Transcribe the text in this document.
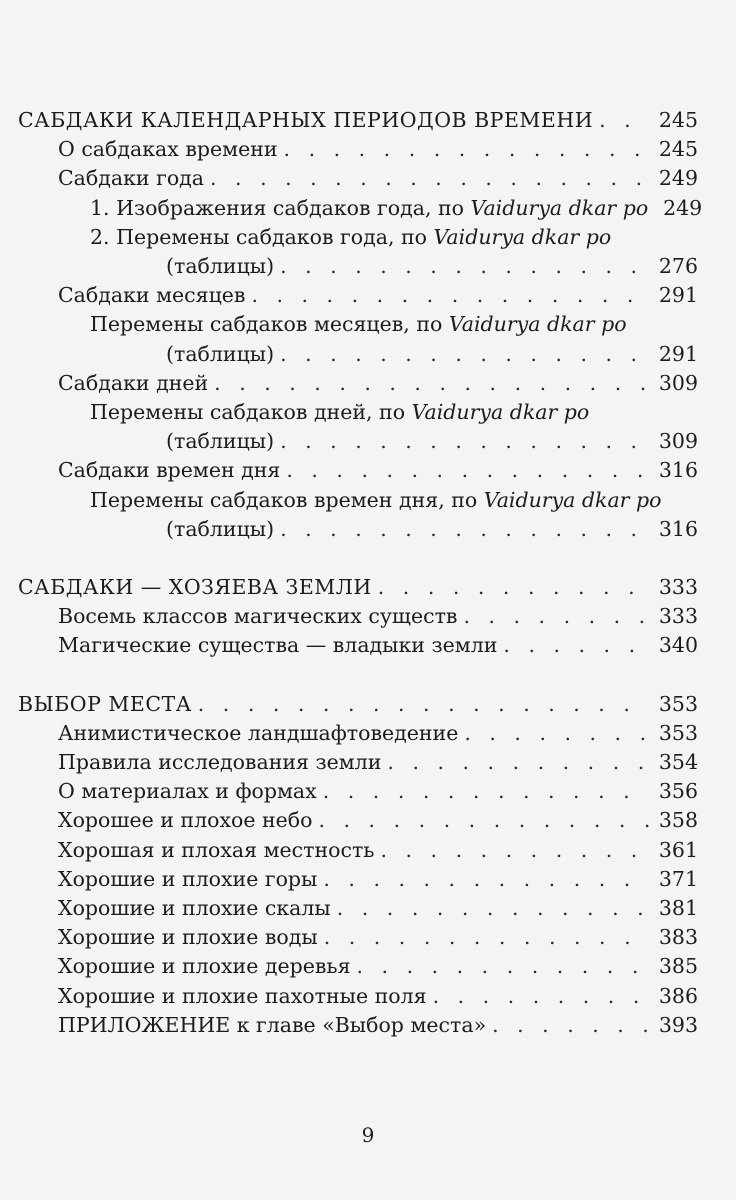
САБДАКИ КАЛЕНДАРНЫХ ПЕРИОДОВ ВРЕМЕНИ . . .	245
О сабдаках времени . . .	245
Сабдаки года . . .	249
1. Изображения сабдаков года, по Vaidurya dkar po 249
2. Перемены сабдаков года, по Vaidurya dkar po
(таблицы) . . .	276
Сабдаки месяцев . . .	291
Перемены сабдаков месяцев, по Vaidurya dkar po
(таблицы) . . .	291
Сабдаки дней . . .	309
Перемены сабдаков дней, по Vaidurya dkar po
(таблицы) . . .	309
Сабдаки времен дня . . .	316
Перемены сабдаков времен дня, по Vaidurya dkar po
(таблицы) . . .	316
САБДАКИ — ХОЗЯЕВА ЗЕМЛИ . . .	333
Восемь классов магических существ . . .	333
Магические существа — владыки земли . . .	340
ВЫБОР МЕСТА . . .	353
Анимистическое ландшафтоведение . . .	353
Правила исследования земли . . .	354
О материалах и формах . . .	356
Хорошее и плохое небо . . .	358
Хорошая и плохая местность . . .	361
Хорошие и плохие горы . . .	371
Хорошие и плохие скалы . . .	381
Хорошие и плохие воды . . .	383
Хорошие и плохие деревья . . .	385
Хорошие и плохие пахотные поля . . .	386
ПРИЛОЖЕНИЕ к главе «Выбор места» . . .	393
9
